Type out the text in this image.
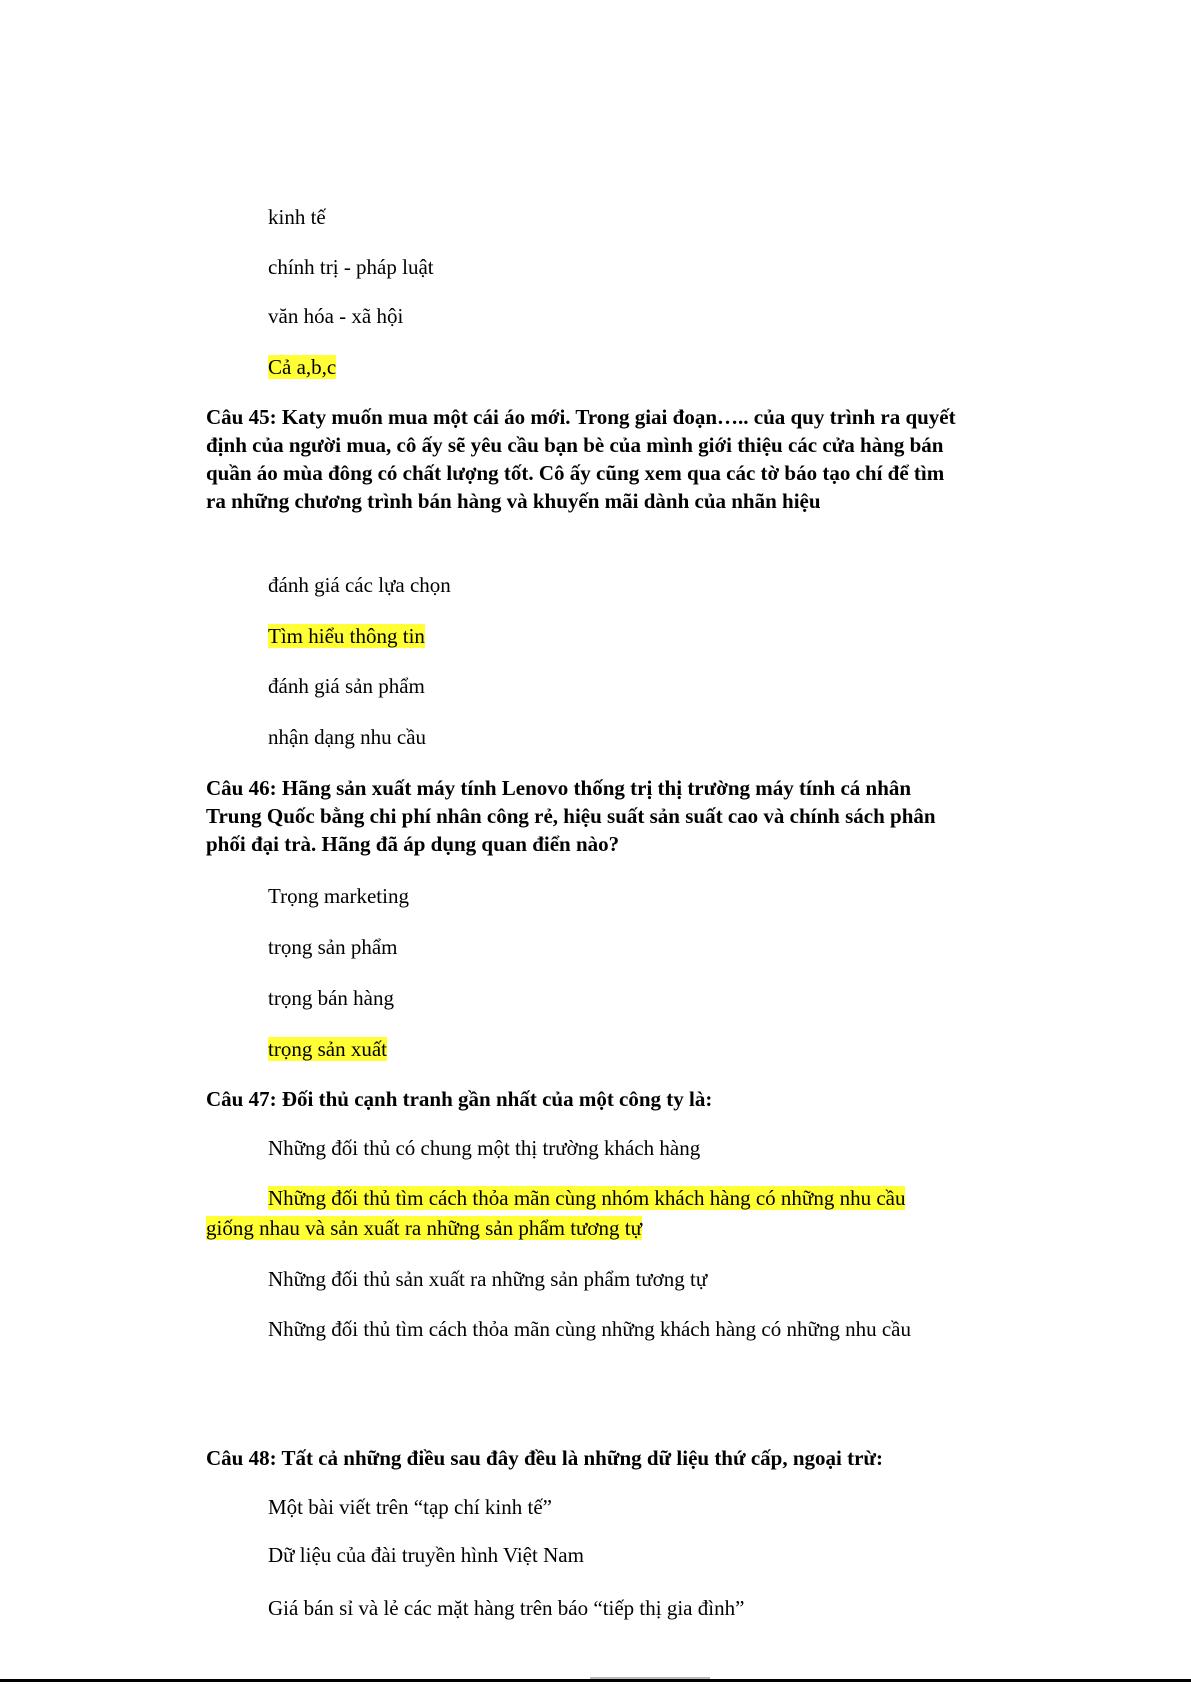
kinh tế
chính trị - pháp luật
văn hóa - xã hội
Cả a,b,c
Câu 45: Katy muốn mua một cái áo mới. Trong giai đoạn….. của quy trình ra quyết định của người mua, cô ấy sẽ yêu cầu bạn bè của mình giới thiệu các cửa hàng bán quần áo mùa đông có chất lượng tốt. Cô ấy cũng xem qua các tờ báo tạo chí để tìm ra những chương trình bán hàng và khuyến mãi dành của nhãn hiệu
đánh giá các lựa chọn
Tìm hiểu thông tin
đánh giá sản phẩm
nhận dạng nhu cầu
Câu 46: Hãng sản xuất máy tính Lenovo thống trị thị trường máy tính cá nhân Trung Quốc bằng chi phí nhân công rẻ, hiệu suất sản suất cao và chính sách phân phối đại trà. Hãng đã áp dụng quan điển nào?
Trọng marketing
trọng sản phẩm
trọng bán hàng
trọng sản xuất
Câu 47: Đối thủ cạnh tranh gần nhất của một công ty là:
Những đối thủ có chung một thị trường khách hàng
Những đối thủ tìm cách thỏa mãn cùng nhóm khách hàng có những nhu cầu
giống nhau và sản xuất ra những sản phẩm tương tự
Những đối thủ sản xuất ra những sản phẩm tương tự
Những đối thủ tìm cách thỏa mãn cùng những khách hàng có những nhu cầu
Câu 48: Tất cả những điều sau đây đều là những dữ liệu thứ cấp, ngoại trừ:
Một bài viết trên “tạp chí kinh tế”
Dữ liệu của đài truyền hình Việt Nam
Giá bán sỉ và lẻ các mặt hàng trên báo “tiếp thị gia đình”
